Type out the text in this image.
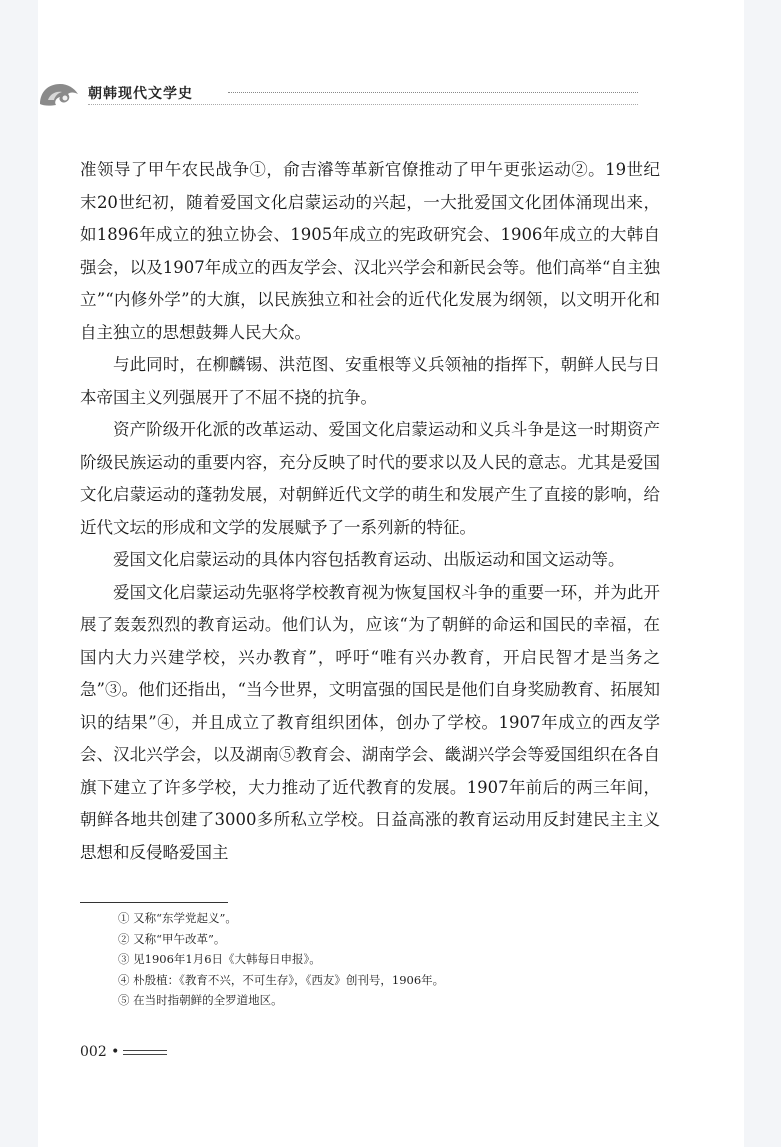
朝韩现代文学史

准领导了甲午农民战争①，俞吉濬等革新官僚推动了甲午更张运动②。19世纪末20世纪初，随着爱国文化启蒙运动的兴起，一大批爱国文化团体涌现出来，如1896年成立的独立协会、1905年成立的宪政研究会、1906年成立的大韩自强会，以及1907年成立的西友学会、汉北兴学会和新民会等。他们高举“自主独立”“内修外学”的大旗，以民族独立和社会的近代化发展为纲领，以文明开化和自主独立的思想鼓舞人民大众。

与此同时，在柳麟锡、洪范图、安重根等义兵领袖的指挥下，朝鲜人民与日本帝国主义列强展开了不屈不挠的抗争。

资产阶级开化派的改革运动、爱国文化启蒙运动和义兵斗争是这一时期资产阶级民族运动的重要内容，充分反映了时代的要求以及人民的意志。尤其是爱国文化启蒙运动的蓬勃发展，对朝鲜近代文学的萌生和发展产生了直接的影响，给近代文坛的形成和文学的发展赋予了一系列新的特征。

爱国文化启蒙运动的具体内容包括教育运动、出版运动和国文运动等。

爱国文化启蒙运动先驱将学校教育视为恢复国权斗争的重要一环，并为此开展了轰轰烈烈的教育运动。他们认为，应该“为了朝鲜的命运和国民的幸福，在国内大力兴建学校，兴办教育”，呼吁“唯有兴办教育，开启民智才是当务之急”③。他们还指出，“当今世界，文明富强的国民是他们自身奖励教育、拓展知识的结果”④，并且成立了教育组织团体，创办了学校。1907年成立的西友学会、汉北兴学会，以及湖南⑤教育会、湖南学会、畿湖兴学会等爱国组织在各自旗下建立了许多学校，大力推动了近代教育的发展。1907年前后的两三年间，朝鲜各地共创建了3000多所私立学校。日益高涨的教育运动用反封建民主主义思想和反侵略爱国主

① 又称“东学党起义”。
② 又称“甲午改革”。
③ 见1906年1月6日《大韩每日申报》。
④ 朴殷植：《教育不兴，不可生存》，《西友》创刊号，1906年。
⑤ 在当时指朝鲜的全罗道地区。
002 •
